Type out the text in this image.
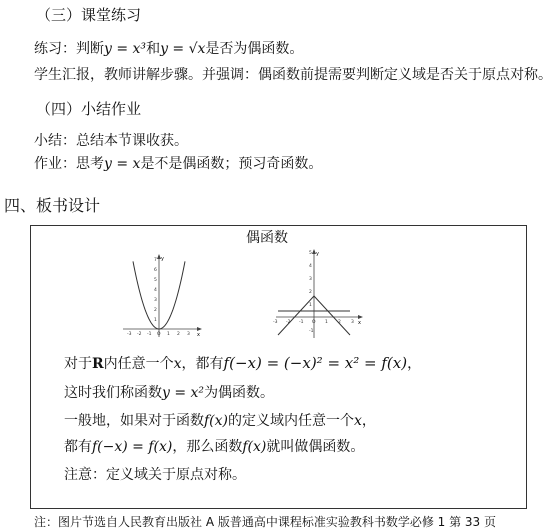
（三）课堂练习
练习：判断y = x³和y = √x是否为偶函数。
学生汇报，教师讲解步骤。并强调：偶函数前提需要判断定义域是否关于原点对称。
（四）小结作业
小结：总结本节课收获。
作业：思考y = x是不是偶函数；预习奇函数。
四、板书设计
偶函数
y
x
7
6
5
4
3
2
1
-3 -2 -1 O 1 2 3
y
x
5
4
3
2
1
-1
-3 -2 -1 O 1 2 3
对于R内任意一个x，都有f(−x) = (−x)² = x² = f(x)，
这时我们称函数y = x²为偶函数。
一般地，如果对于函数f(x)的定义域内任意一个x，
都有f(−x) = f(x)，那么函数f(x)就叫做偶函数。
注意：定义域关于原点对称。
注：图片节选自人民教育出版社 A 版普通高中课程标准实验教科书数学必修 1 第 33 页
